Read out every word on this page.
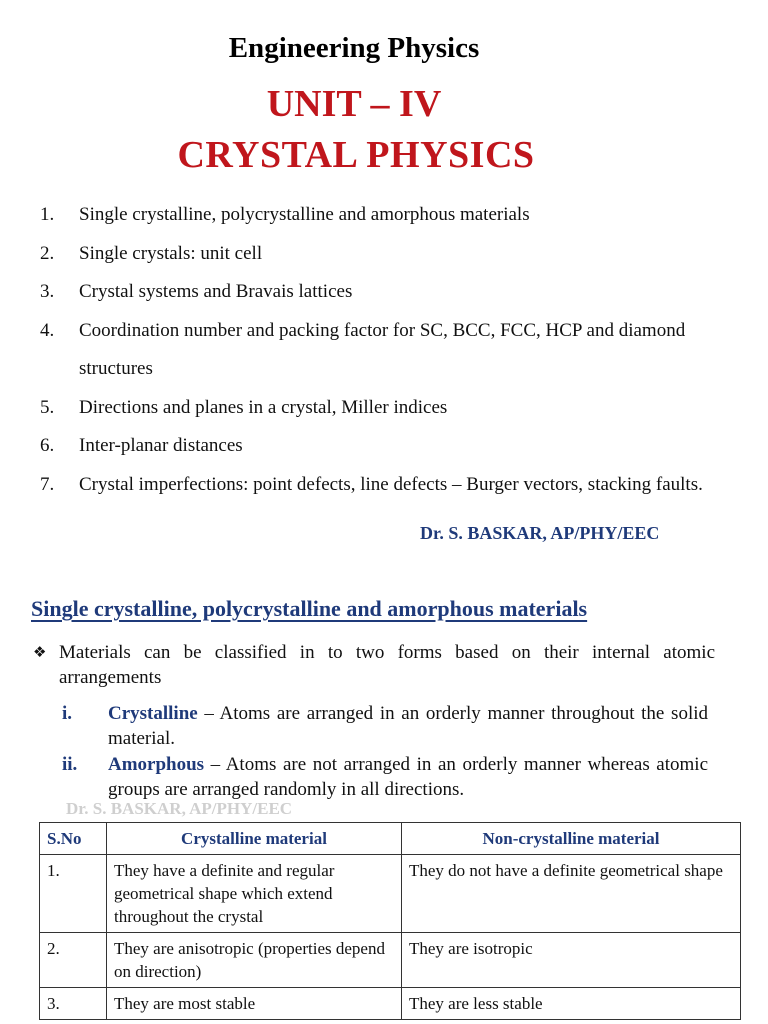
Engineering Physics
UNIT – IV
CRYSTAL PHYSICS
1.	Single crystalline, polycrystalline and amorphous materials
2.	Single crystals: unit cell
3.	Crystal systems and Bravais lattices
4.	Coordination number and packing factor for SC, BCC, FCC, HCP and diamond structures
5.	Directions and planes in a crystal, Miller indices
6.	Inter-planar distances
7.	Crystal imperfections: point defects, line defects – Burger vectors, stacking faults.
Dr. S. BASKAR, AP/PHY/EEC
Single crystalline, polycrystalline and amorphous materials
❖ Materials can be classified in to two forms based on their internal atomic arrangements
i.	Crystalline – Atoms are arranged in an orderly manner throughout the solid material.
ii.	Amorphous – Atoms are not arranged in an orderly manner whereas atomic groups are arranged randomly in all directions.
Dr. S. BASKAR, AP/PHY/EEC
S.No	Crystalline material	Non-crystalline material
1.	They have a definite and regular geometrical shape which extend throughout the crystal	They do not have a definite geometrical shape
2.	They are anisotropic (properties depend on direction)	They are isotropic
3.	They are most stable	They are less stable
